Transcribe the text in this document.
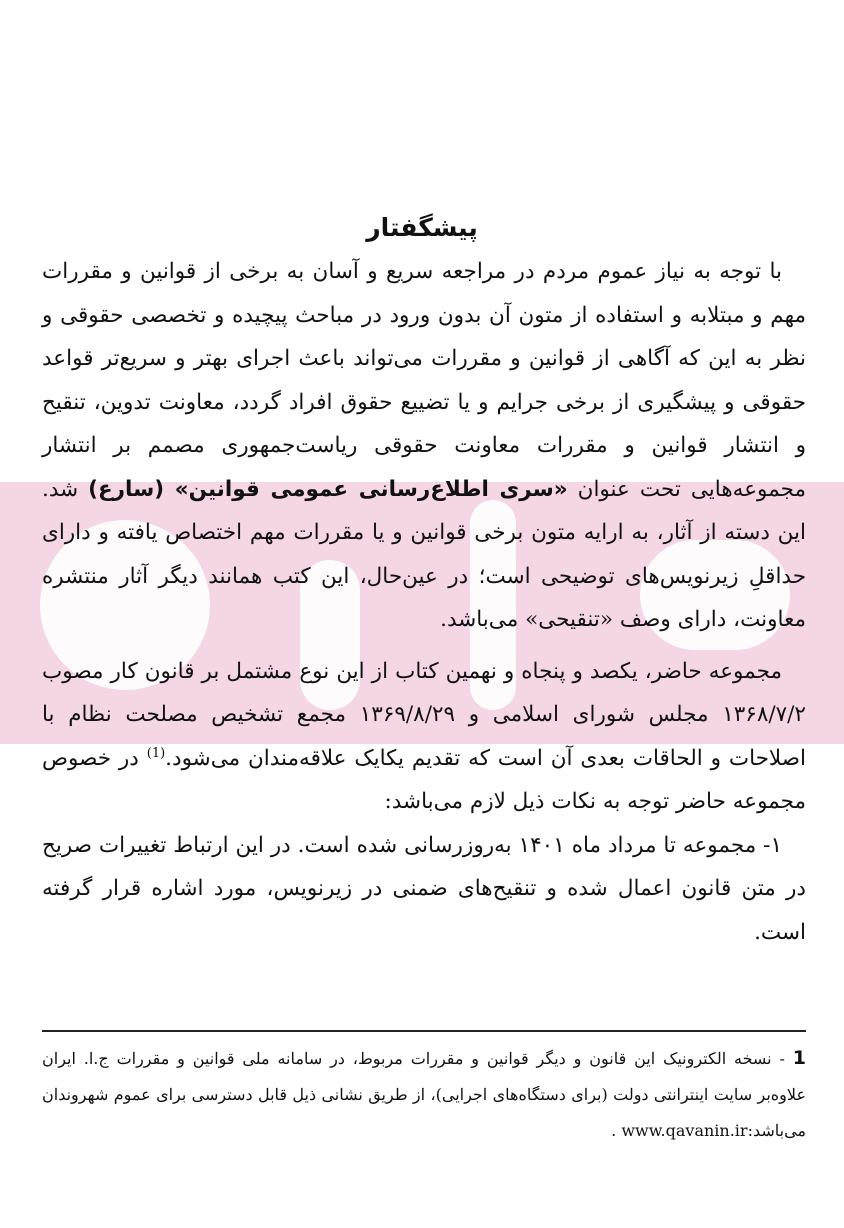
پیشگفتار

با توجه به نیاز عموم مردم در مراجعه سریع و آسان به برخی از قوانین و مقررات مهم و مبتلابه و استفاده از متون آن بدون ورود در مباحث پیچیده و تخصصی حقوقی و نظر به این که آگاهی از قوانین و مقررات می‌تواند باعث اجرای بهتر و سریع‌تر قواعد حقوقی و پیشگیری از برخی جرایم و یا تضییع حقوق افراد گردد، معاونت تدوین، تنقیح و انتشار قوانین و مقررات معاونت حقوقی ریاست‌جمهوری مصمم بر انتشار مجموعه‌هایی تحت عنوان «سری اطلاع‌رسانی عمومی قوانین» (سارع) شد. این دسته از آثار، به ارایه متون برخی قوانین و یا مقررات مهم اختصاص یافته و دارای حداقلِ زیرنویس‌های توضیحی است؛ در عین‌حال، این کتب همانند دیگر آثار منتشره معاونت، دارای وصف «تنقیحی» می‌باشد.

مجموعه حاضر، یکصد و پنجاه و نهمین کتاب از این نوع مشتمل بر قانون کار مصوب ۱۳۶۸/۷/۲ مجلس شورای اسلامی و ۱۳۶۹/۸/۲۹ مجمع تشخیص مصلحت نظام با اصلاحات و الحاقات بعدی آن است که تقدیم یکایک علاقه‌مندان می‌شود.$^{(1)}$ در خصوص مجموعه حاضر توجه به نکات ذیل لازم می‌باشد:

۱- مجموعه تا مرداد ماه ۱۴۰۱ به‌روزرسانی شده است. در این ارتباط تغییرات صریح در متن قانون اعمال شده و تنقیح‌های ضمنی در زیرنویس، مورد اشاره قرار گرفته است.

1 - نسخه الکترونیک این قانون و دیگر قوانین و مقررات مربوط، در سامانه ملی قوانین و مقررات ج.ا. ایران علاوه‌بر سایت اینترانتی دولت (برای دستگاه‌های اجرایی)، از طریق نشانی ذیل قابل دسترسی برای عموم شهروندان می‌باشد:www.qavanin.ir .
